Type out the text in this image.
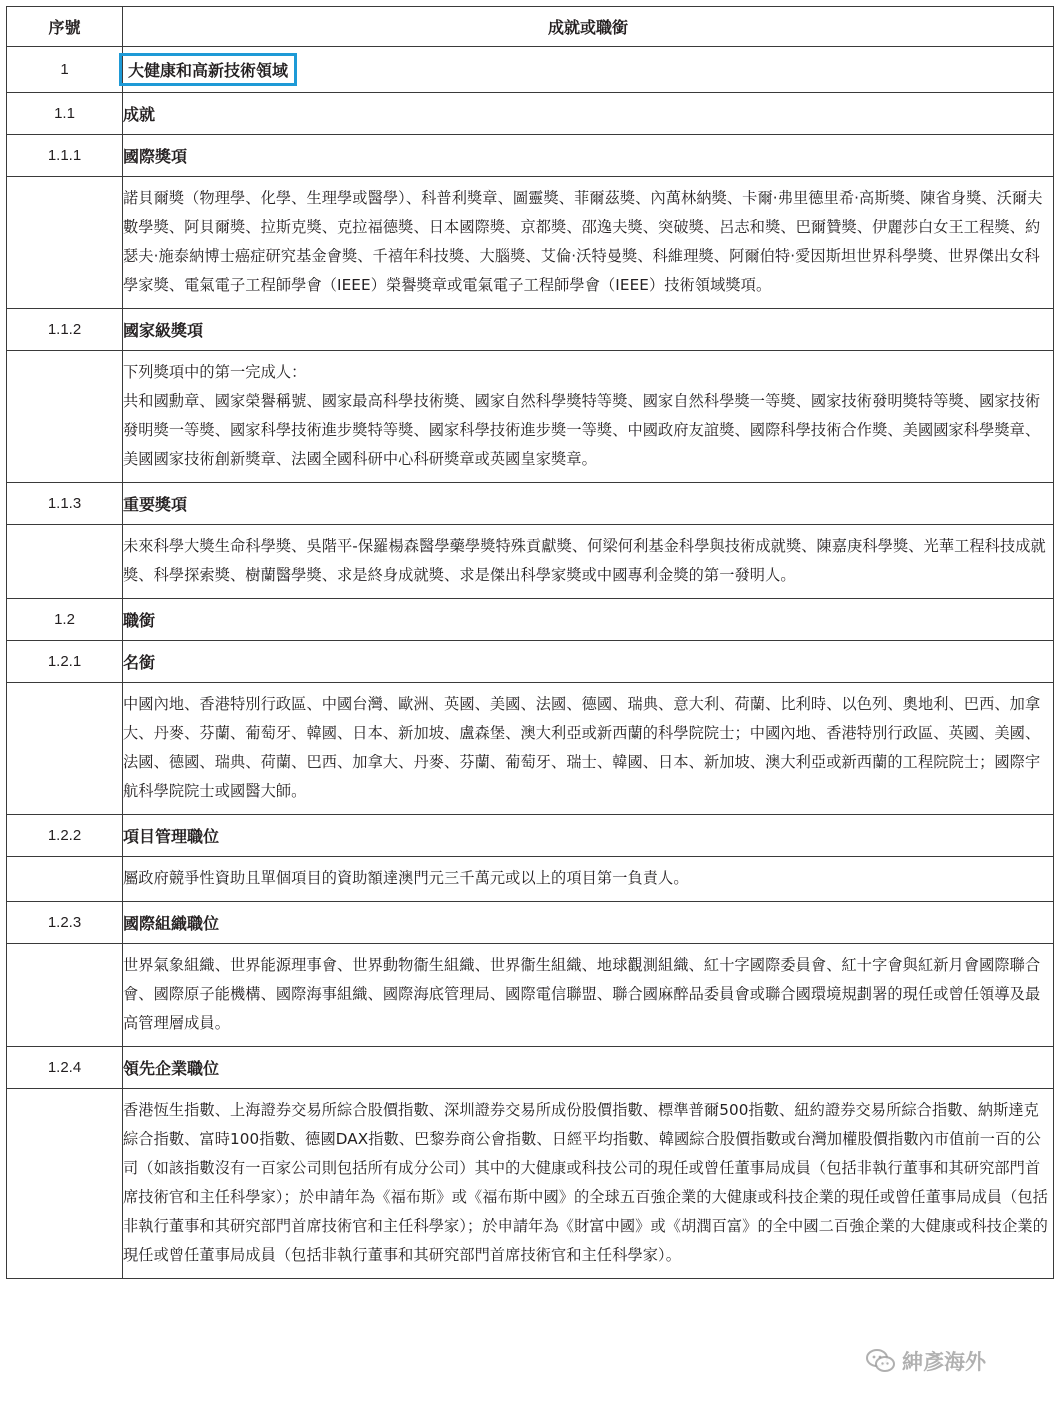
序號	成就或職銜
1	大健康和高新技術領域
1.1	成就
1.1.1	國際獎項
	諾貝爾獎（物理學、化學、生理學或醫學）、科普利獎章、圖靈獎、菲爾茲獎、內萬林納獎、卡爾·弗里德里希·高斯獎、陳省身獎、沃爾夫數學獎、阿貝爾獎、拉斯克獎、克拉福德獎、日本國際獎、京都獎、邵逸夫獎、突破獎、呂志和獎、巴爾贊獎、伊麗莎白女王工程獎、約瑟夫·施泰納博士癌症研究基金會獎、千禧年科技獎、大腦獎、艾倫·沃特曼獎、科維理獎、阿爾伯特·愛因斯坦世界科學獎、世界傑出女科學家獎、電氣電子工程師學會（IEEE）榮譽獎章或電氣電子工程師學會（IEEE）技術領域獎項。
1.1.2	國家級獎項

	下列獎項中的第一完成人：
共和國勳章、國家榮譽稱號、國家最高科學技術獎、國家自然科學獎特等獎、國家自然科學獎一等獎、國家技術發明獎特等獎、國家技術發明獎一等獎、國家科學技術進步獎特等獎、國家科學技術進步獎一等獎、中國政府友誼獎、國際科學技術合作獎、美國國家科學獎章、美國國家技術創新獎章、法國全國科研中心科研獎章或英國皇家獎章。

1.1.3	重要獎項
	未來科學大獎生命科學獎、吳階平-保羅楊森醫學藥學獎特殊貢獻獎、何梁何利基金科學與技術成就獎、陳嘉庚科學獎、光華工程科技成就獎、科學探索獎、樹蘭醫學獎、求是終身成就獎、求是傑出科學家獎或中國專利金獎的第一發明人。
1.2	職銜
1.2.1	名銜
	中國內地、香港特別行政區、中國台灣、歐洲、英國、美國、法國、德國、瑞典、意大利、荷蘭、比利時、以色列、奧地利、巴西、加拿大、丹麥、芬蘭、葡萄牙、韓國、日本、新加坡、盧森堡、澳大利亞或新西蘭的科學院院士；中國內地、香港特別行政區、英國、美國、法國、德國、瑞典、荷蘭、巴西、加拿大、丹麥、芬蘭、葡萄牙、瑞士、韓國、日本、新加坡、澳大利亞或新西蘭的工程院院士；國際宇航科學院院士或國醫大師。
1.2.2	項目管理職位
	屬政府競爭性資助且單個項目的資助額達澳門元三千萬元或以上的項目第一負責人。
1.2.3	國際組織職位
	世界氣象組織、世界能源理事會、世界動物衞生組織、世界衞生組織、地球觀測組織、紅十字國際委員會、紅十字會與紅新月會國際聯合會、國際原子能機構、國際海事組織、國際海底管理局、國際電信聯盟、聯合國麻醉品委員會或聯合國環境規劃署的現任或曾任領導及最高管理層成員。
1.2.4	領先企業職位
	香港恆生指數、上海證券交易所綜合股價指數、深圳證券交易所成份股價指數、標準普爾500指數、紐約證券交易所綜合指數、納斯達克綜合指數、富時100指數、德國DAX指數、巴黎券商公會指數、日經平均指數、韓國綜合股價指數或台灣加權股價指數內市值前一百的公司（如該指數沒有一百家公司則包括所有成分公司）其中的大健康或科技公司的現任或曾任董事局成員（包括非執行董事和其研究部門首席技術官和主任科學家）；於申請年為《福布斯》或《福布斯中國》的全球五百強企業的大健康或科技企業的現任或曾任董事局成員（包括非執行董事和其研究部門首席技術官和主任科學家）；於申請年為《財富中國》或《胡潤百富》的全中國二百強企業的大健康或科技企業的現任或曾任董事局成員（包括非執行董事和其研究部門首席技術官和主任科學家）。
紳彥海外
